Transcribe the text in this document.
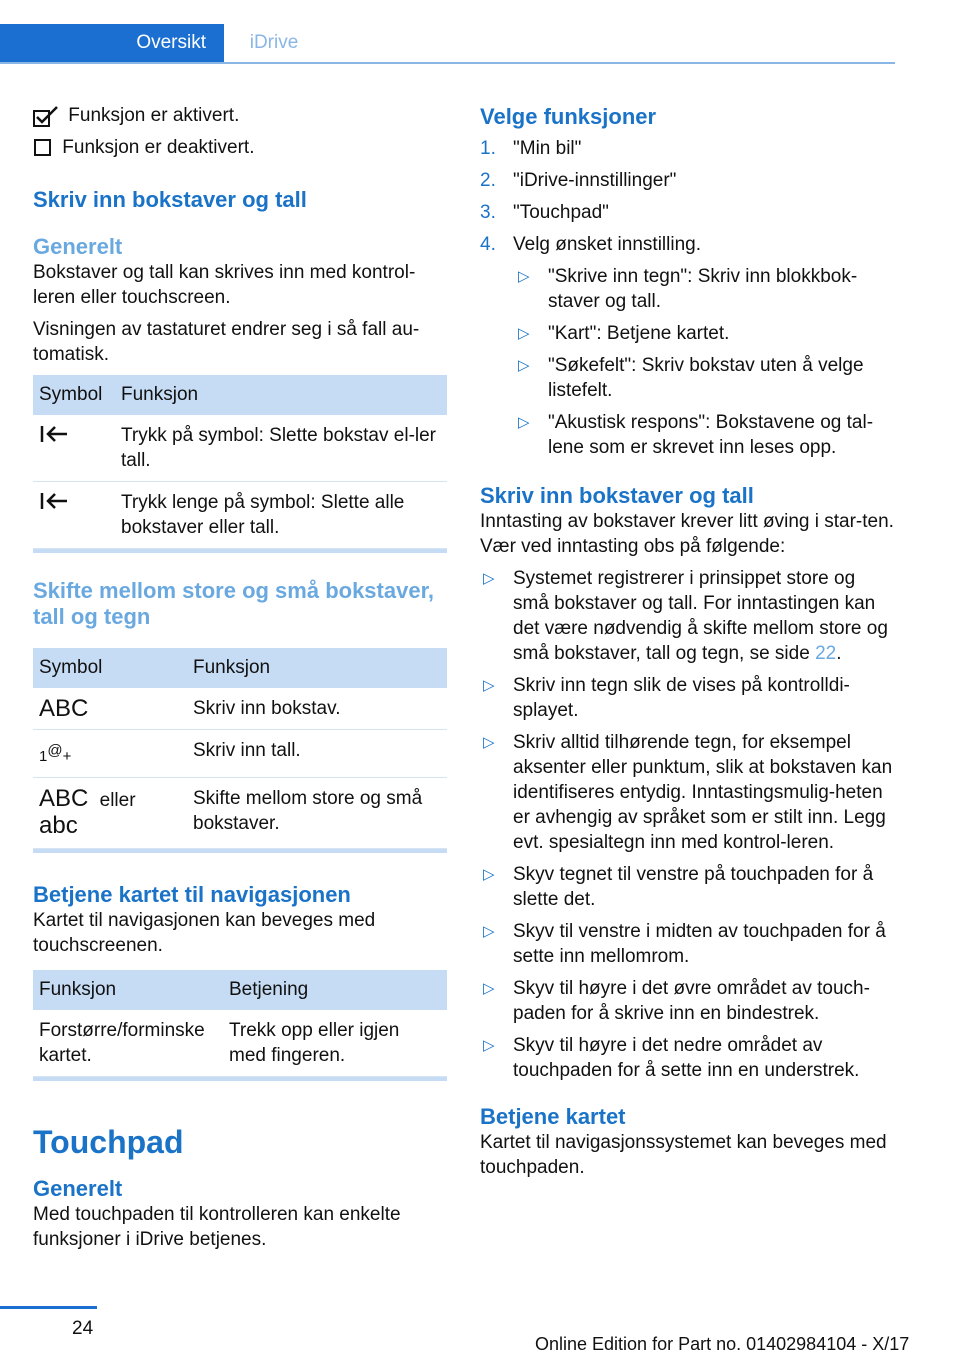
Oversikt	iDrive
Funksjon er aktivert.
Funksjon er deaktivert.
Skriv inn bokstaver og tall
Generelt

Bokstaver og tall kan skrives inn med kontrol-leren eller touchscreen.

Visningen av tastaturet endrer seg i så fall au-tomatisk.

Symbol	Funksjon
	Trykk på symbol: Slette bokstav el-ler tall.
	Trykk lenge på symbol: Slette alle bokstaver eller tall.
Skifte mellom store og små bokstaver, tall og tegn
Symbol	Funksjon
ABC	Skriv inn bokstav.
1@+	Skriv inn tall.
ABC eller
abc	Skifte mellom store og små bokstaver.
Betjene kartet til navigasjonen

Kartet til navigasjonen kan beveges med touchscreenen.

Funksjon	Betjening
Forstørre/forminske kartet.	Trekk opp eller igjen med fingeren.
Touchpad
Generelt

Med touchpaden til kontrolleren kan enkelte funksjoner i iDrive betjenes.

Velge funksjoner
1. "Min bil"
2. "iDrive-innstillinger"
3. "Touchpad"
4. Velg ønsket innstilling.
▷ "Skrive inn tegn": Skriv inn blokkbok-staver og tall.
▷ "Kart": Betjene kartet.
▷ "Søkefelt": Skriv bokstav uten å velge listefelt.
▷ "Akustisk respons": Bokstavene og tal-lene som er skrevet inn leses opp.
Skriv inn bokstaver og tall

Inntasting av bokstaver krever litt øving i star-ten. Vær ved inntasting obs på følgende:

▷ Systemet registrerer i prinsippet store og små bokstaver og tall. For inntastingen kan det være nødvendig å skifte mellom store og små bokstaver, tall og tegn, se side 22.
▷ Skriv inn tegn slik de vises på kontrolldi-splayet.
▷ Skriv alltid tilhørende tegn, for eksempel aksenter eller punktum, slik at bokstaven kan identifiseres entydig. Inntastingsmulig-heten er avhengig av språket som er stilt inn. Legg evt. spesialtegn inn med kontrol-leren.
▷ Skyv tegnet til venstre på touchpaden for å slette det.
▷ Skyv til venstre i midten av touchpaden for å sette inn mellomrom.
▷ Skyv til høyre i det øvre området av touch-paden for å skrive inn en bindestrek.
▷ Skyv til høyre i det nedre området av touchpaden for å sette inn en understrek.
Betjene kartet

Kartet til navigasjonssystemet kan beveges med touchpaden.

24
Online Edition for Part no. 01402984104 - X/17
